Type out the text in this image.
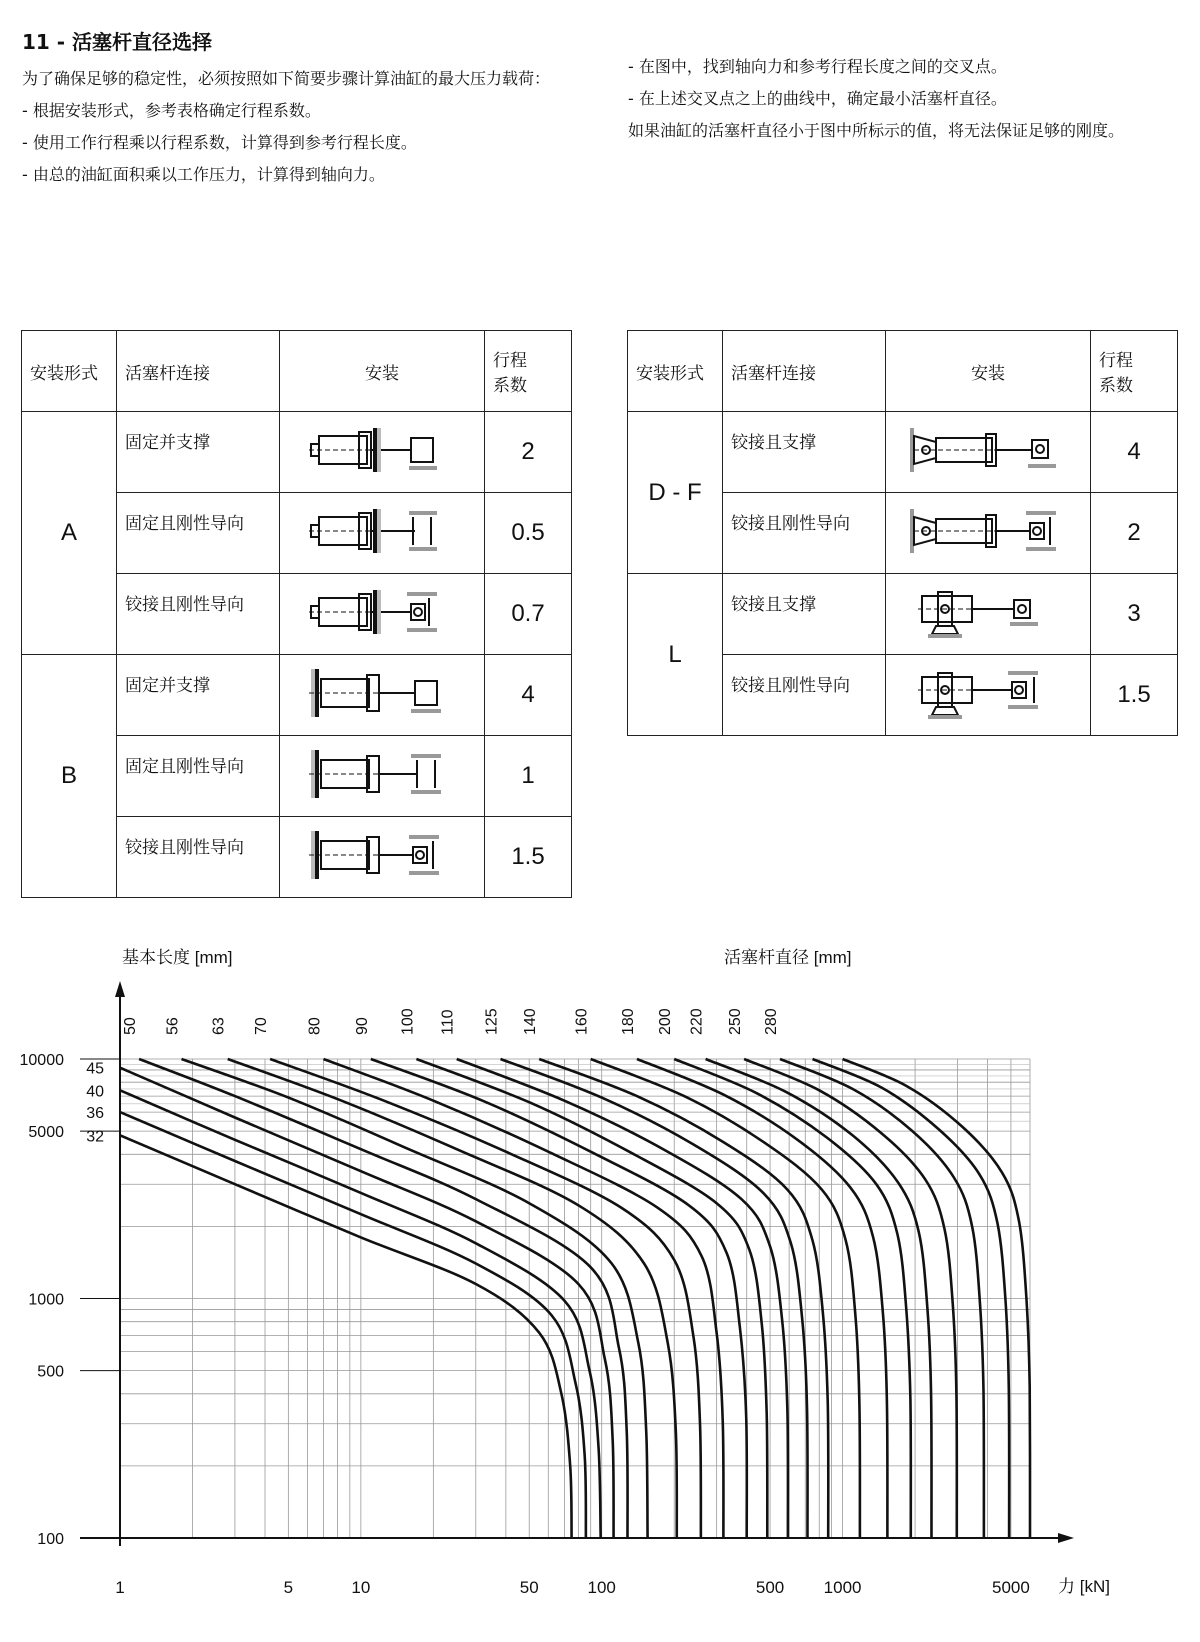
11 - 活塞杆直径选择

为了确保足够的稳定性，必须按照如下简要步骤计算油缸的最大压力载荷：

- 根据安装形式，参考表格确定行程系数。

- 使用工作行程乘以行程系数，计算得到参考行程长度。

- 由总的油缸面积乘以工作压力，计算得到轴向力。

- 在图中，找到轴向力和参考行程长度之间的交叉点。

- 在上述交叉点之上的曲线中，确定最小活塞杆直径。

如果油缸的活塞杆直径小于图中所标示的值，将无法保证足够的刚度。

安装形式	活塞杆连接	安装	行程
系数
A	固定并支撑		2
	固定且刚性导向		0.5
	铰接且刚性导向		0.7
B	固定并支撑		4
	固定且刚性导向		1
	铰接且刚性导向		1.5
安装形式	活塞杆连接	安装	行程
系数
D - F	铰接且支撑		4
	铰接且刚性导向		2
L	铰接且支撑		3
	铰接且刚性导向		1.5
基本长度 [mm]	活塞杆直径 [mm]
力 [kN]
1	5	10	50	100	500 1000	5000
100
500
1000
5000
10000
32
36
40
45
50 56 63 70 80 90 100 110 125 140 160 180 200 220 250 280
